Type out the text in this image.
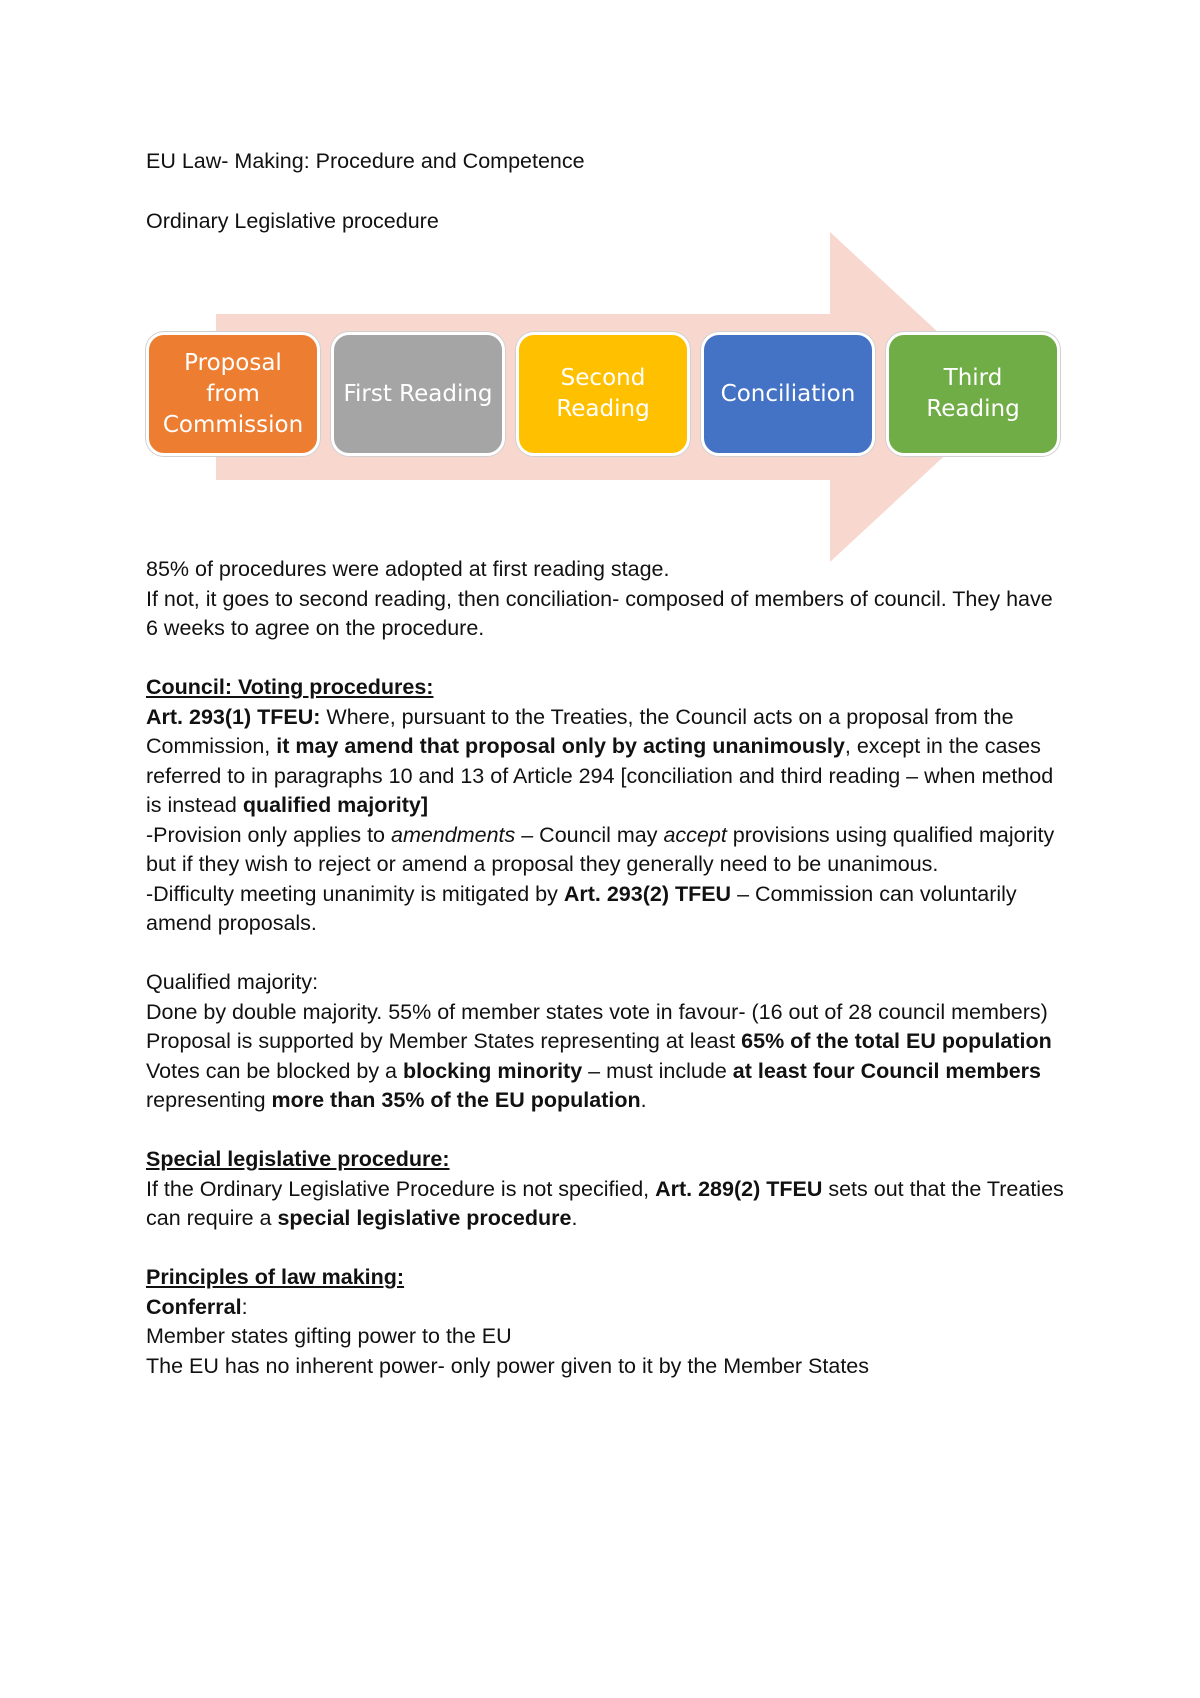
EU Law- Making: Procedure and Competence
Ordinary Legislative procedure
Proposal from Commission
First Reading
Second Reading
Conciliation
Third Reading

85% of procedures were adopted at first reading stage.

If not, it goes to second reading, then conciliation- composed of members of council. They have 6 weeks to agree on the procedure.

Council: Voting procedures:

Art. 293(1) TFEU: Where, pursuant to the Treaties, the Council acts on a proposal from the Commission, it may amend that proposal only by acting unanimously, except in the cases referred to in paragraphs 10 and 13 of Article 294 [conciliation and third reading – when method is instead qualified majority]

-Provision only applies to amendments – Council may accept provisions using qualified majority but if they wish to reject or amend a proposal they generally need to be unanimous.

-Difficulty meeting unanimity is mitigated by Art. 293(2) TFEU – Commission can voluntarily amend proposals.

Qualified majority:

Done by double majority. 55% of member states vote in favour- (16 out of 28 council members)

Proposal is supported by Member States representing at least 65% of the total EU population

Votes can be blocked by a blocking minority – must include at least four Council members representing more than 35% of the EU population.

Special legislative procedure:

If the Ordinary Legislative Procedure is not specified, Art. 289(2) TFEU sets out that the Treaties can require a special legislative procedure.

Principles of law making:

Conferral:

Member states gifting power to the EU

The EU has no inherent power- only power given to it by the Member States
